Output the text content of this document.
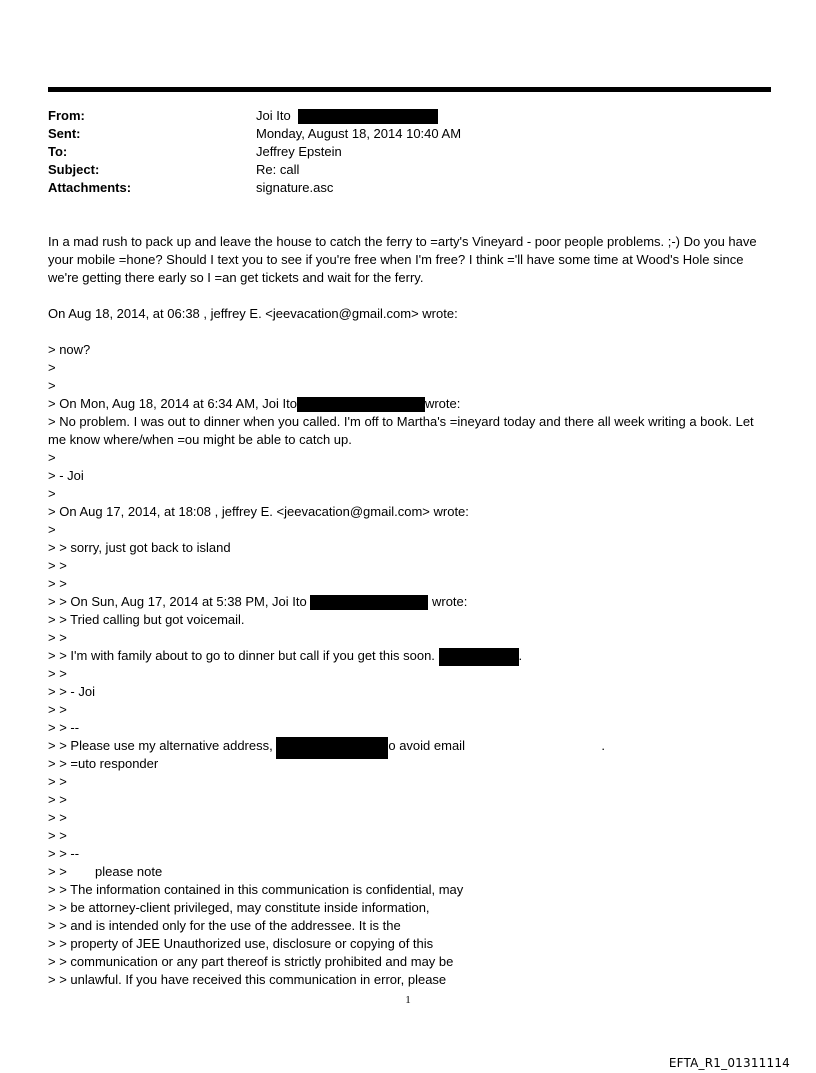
From:	Joi Ito
Sent:	Monday, August 18, 2014 10:40 AM
To:	Jeffrey Epstein
Subject:	Re: call
Attachments:	signature.asc
In a mad rush to pack up and leave the house to catch the ferry to =arty's Vineyard - poor people problems. ;-) Do you have your mobile =hone? Should I text you to see if you're free when I'm free? I think ='ll have some time at Wood's Hole since we're getting there early so I =an get tickets and wait for the ferry.
On Aug 18, 2014, at 06:38 , jeffrey E. <jeevacation@gmail.com> wrote:
> now?
>
>
> On Mon, Aug 18, 2014 at 6:34 AM, Joi Ito	wrote:
> No problem. I was out to dinner when you called. I'm off to Martha's =ineyard today and there all week writing a book. Let me know where/when =ou might be able to catch up.
>
> - Joi
>
> On Aug 17, 2014, at 18:08 , jeffrey E. <jeevacation@gmail.com> wrote:
>
> > sorry, just got back to island
> >
> >
> > On Sun, Aug 17, 2014 at 5:38 PM, Joi Ito	wrote:
> > Tried calling but got voicemail.
> >
> > I'm with family about to go to dinner but call if you get this soon.	.
> >
> > - Joi
> >
> > --
> > Please use my alternative address,	o avoid email	.
> > =uto responder
> >
> >
> >
> >
> > --
> > please note
> > The information contained in this communication is confidential, may
> > be attorney-client privileged, may constitute inside information,
> > and is intended only for the use of the addressee. It is the
> > property of JEE Unauthorized use, disclosure or copying of this
> > communication or any part thereof is strictly prohibited and may be
> > unlawful. If you have received this communication in error, please
1
EFTA_R1_01311114
